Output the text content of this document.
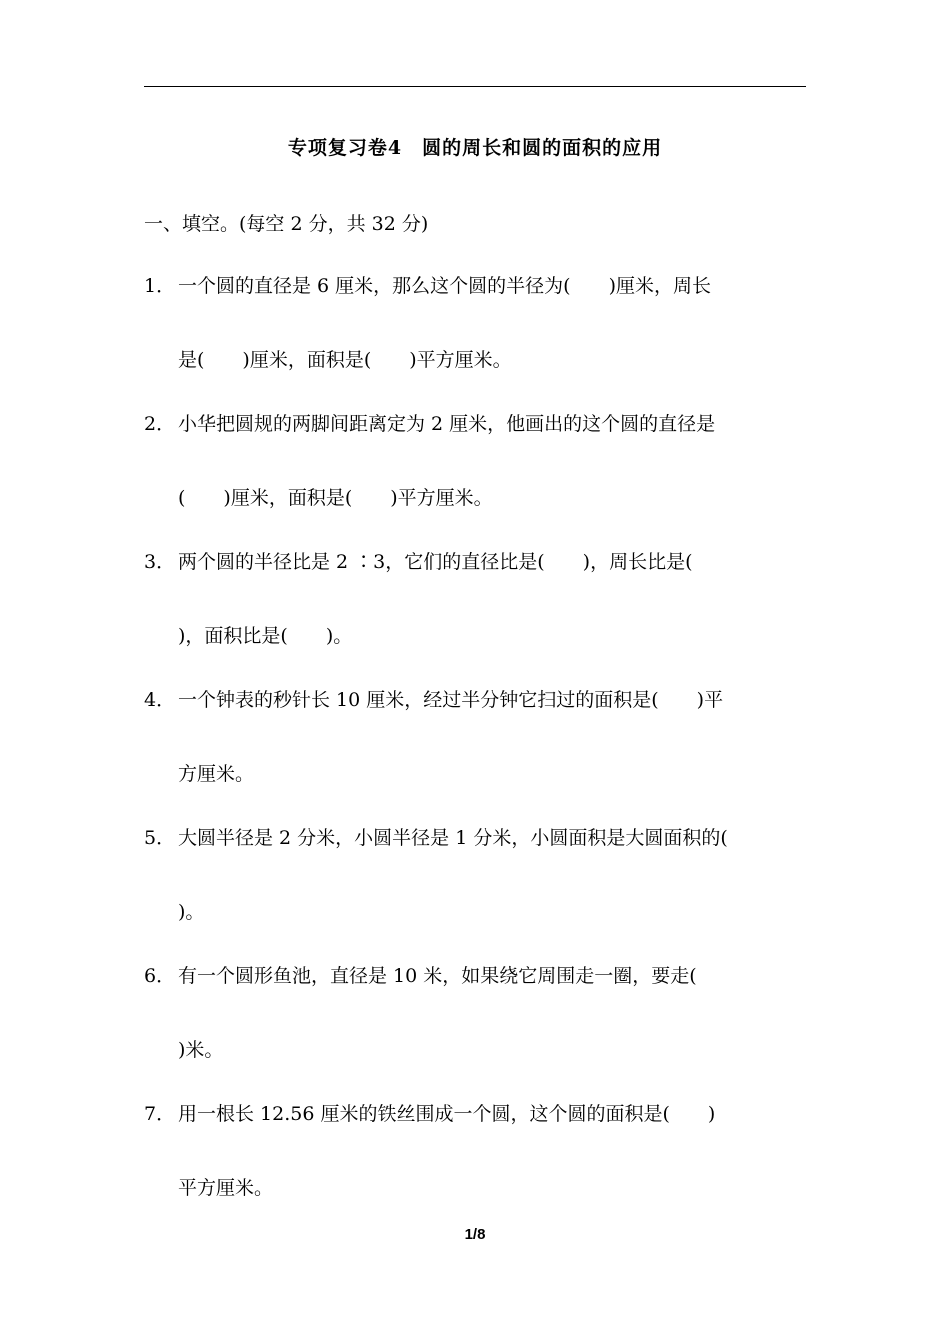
专项复习卷4　圆的周长和圆的面积的应用
一、填空。(每空 2 分，共 32 分)
1． 一个圆的直径是 6 厘米，那么这个圆的半径为(　　)厘米，周长
是(　　)厘米，面积是(　　)平方厘米。
2． 小华把圆规的两脚间距离定为 2 厘米，他画出的这个圆的直径是
(　　)厘米，面积是(　　)平方厘米。
3． 两个圆的半径比是 2 ∶3，它们的直径比是(　　)，周长比是(
)，面积比是(　　)。
4． 一个钟表的秒针长 10 厘米，经过半分钟它扫过的面积是(　　)平
方厘米。
5． 大圆半径是 2 分米，小圆半径是 1 分米，小圆面积是大圆面积的(
)。
6． 有一个圆形鱼池，直径是 10 米，如果绕它周围走一圈，要走(
)米。
7． 用一根长 12.56 厘米的铁丝围成一个圆，这个圆的面积是(　　)
平方厘米。
1/8
